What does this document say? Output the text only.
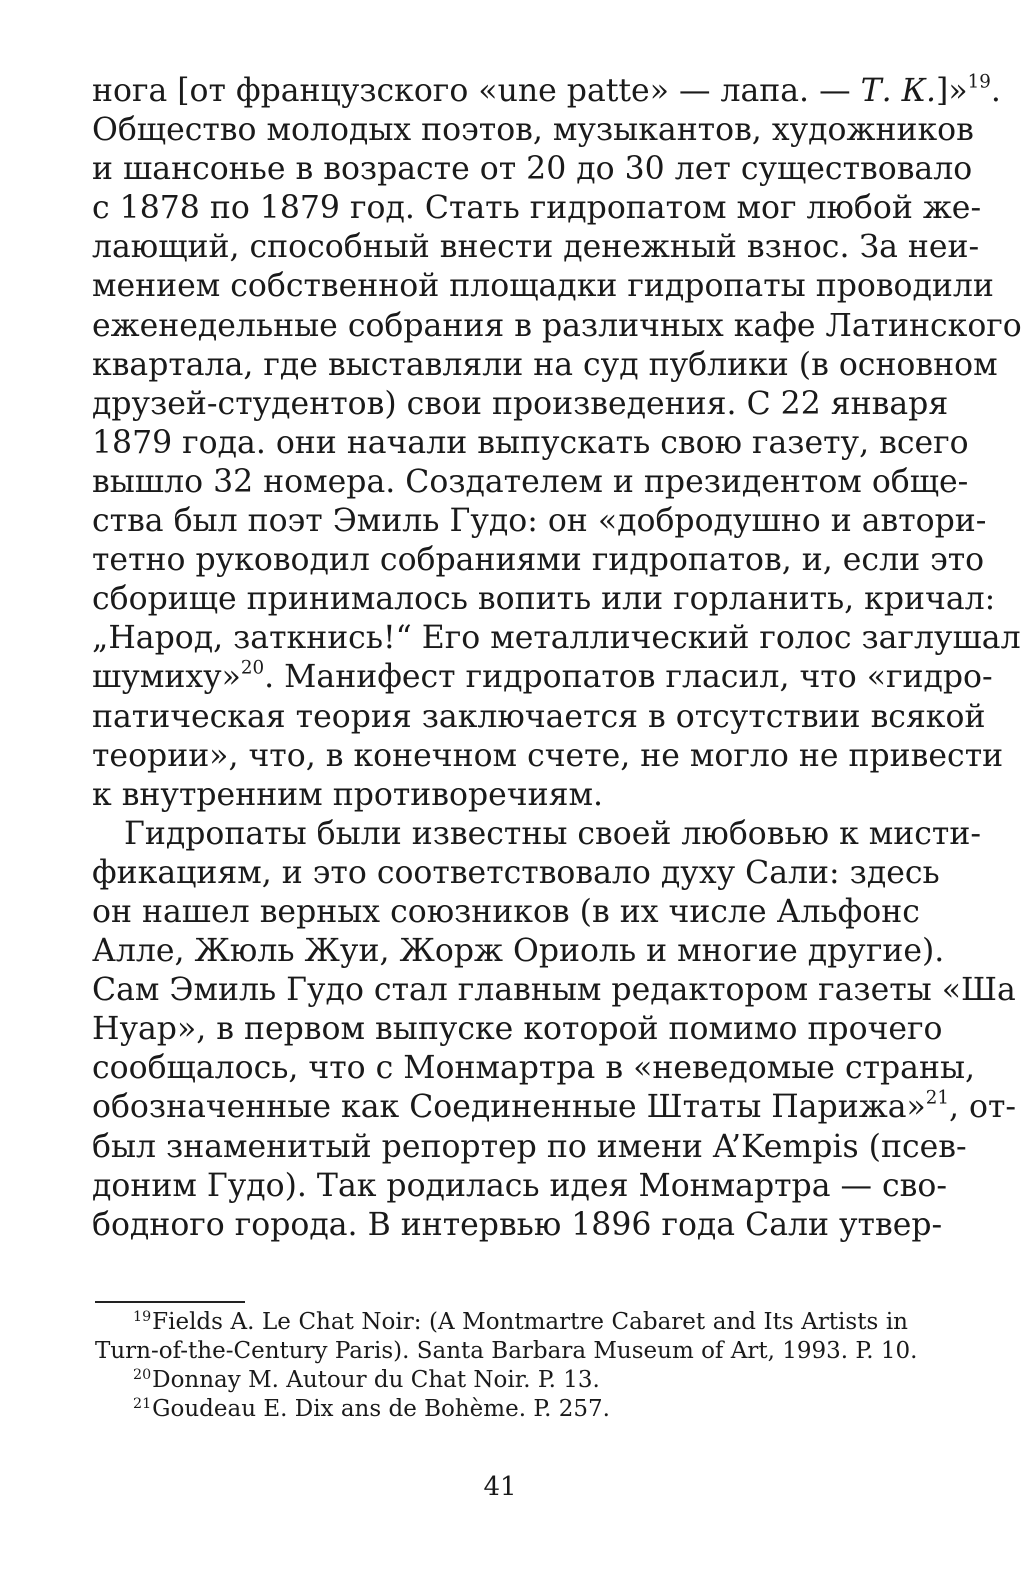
нога [от французского «une patte» — лапа. — Т. К.]»$^{19}$.
Общество молодых поэтов, музыкантов, художников
и шансонье в возрасте от 20 до 30 лет существовало
с 1878 по 1879 год. Стать гидропатом мог любой же-
лающий, способный внести денежный взнос. За неи-
мением собственной площадки гидропаты проводили
еженедельные собрания в различных кафе Латинского
квартала, где выставляли на суд публики (в основном
друзей-студентов) свои произведения. С 22 января
1879 года. они начали выпускать свою газету, всего
вышло 32 номера. Создателем и президентом обще-
ства был поэт Эмиль Гудо: он «добродушно и автори-
тетно руководил собраниями гидропатов, и, если это
сборище принималось вопить или горланить, кричал:
„Народ, заткнись!“ Его металлический голос заглушал
шумиху»$^{20}$. Манифест гидропатов гласил, что «гидро-
патическая теория заключается в отсутствии всякой
теории», что, в конечном счете, не могло не привести
к внутренним противоречиям.
Гидропаты были известны своей любовью к мисти-
фикациям, и это соответствовало духу Сали: здесь
он нашел верных союзников (в их числе Альфонс
Алле, Жюль Жуи, Жорж Ориоль и многие другие).
Сам Эмиль Гудо стал главным редактором газеты «Ша
Нуар», в первом выпуске которой помимо прочего
сообщалось, что с Монмартра в «неведомые страны,
обозначенные как Соединенные Штаты Парижа»$^{21}$, от-
был знаменитый репортер по имени A’Kempis (псев-
доним Гудо). Так родилась идея Монмартра — сво-
бодного города. В интервью 1896 года Сали утвер-
$^{19}$Fields A. Le Chat Noir: (A Montmartre Cabaret and Its Artists in
Turn-of-the-Century Paris). Santa Barbara Museum of Art, 1993. P. 10.
$^{20}$Donnay M. Autour du Chat Noir. P. 13.
$^{21}$Goudeau E. Dix ans de Bohème. P. 257.
41
